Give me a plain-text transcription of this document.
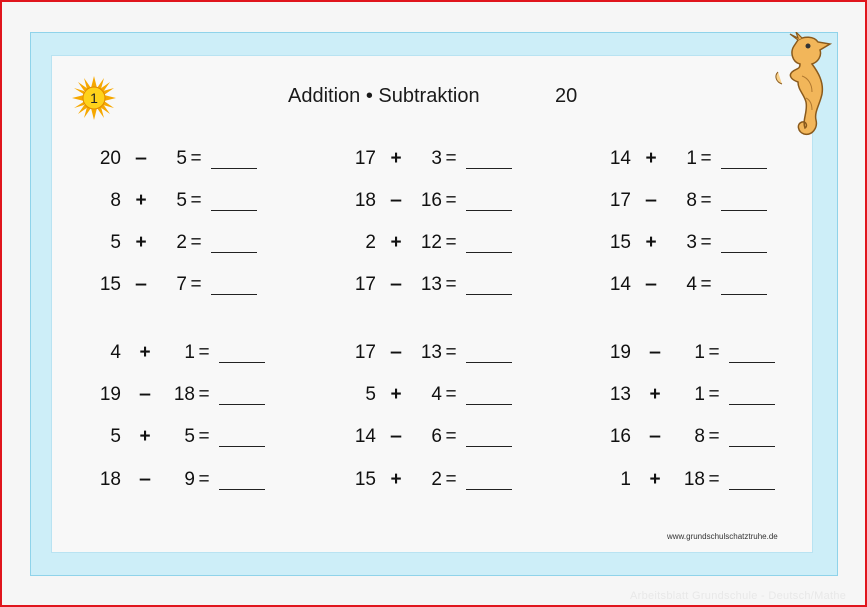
1	Addition • Subtraktion	20
20 ‒	5 =
8 +	5 =
5 +	2 =
15 ‒	7 =
17 +	3 =
18 ‒	16 =
2 +	12 =
17 ‒	13 =
14 +	1 =
17 ‒	8 =
15 +	3 =
14 ‒	4 =
4 +	1 =
19 ‒	18 =
5 +	5 =
18 ‒	9 =
17 ‒	13 =
5 +	4 =
14 ‒	6 =
15 +	2 =
19 ‒	1 =
13 +	1 =
16 ‒	8 =
1 +	18 =
www.grundschulschatztruhe.de
Arbeitsblatt Grundschule - Deutsch/Mathe
